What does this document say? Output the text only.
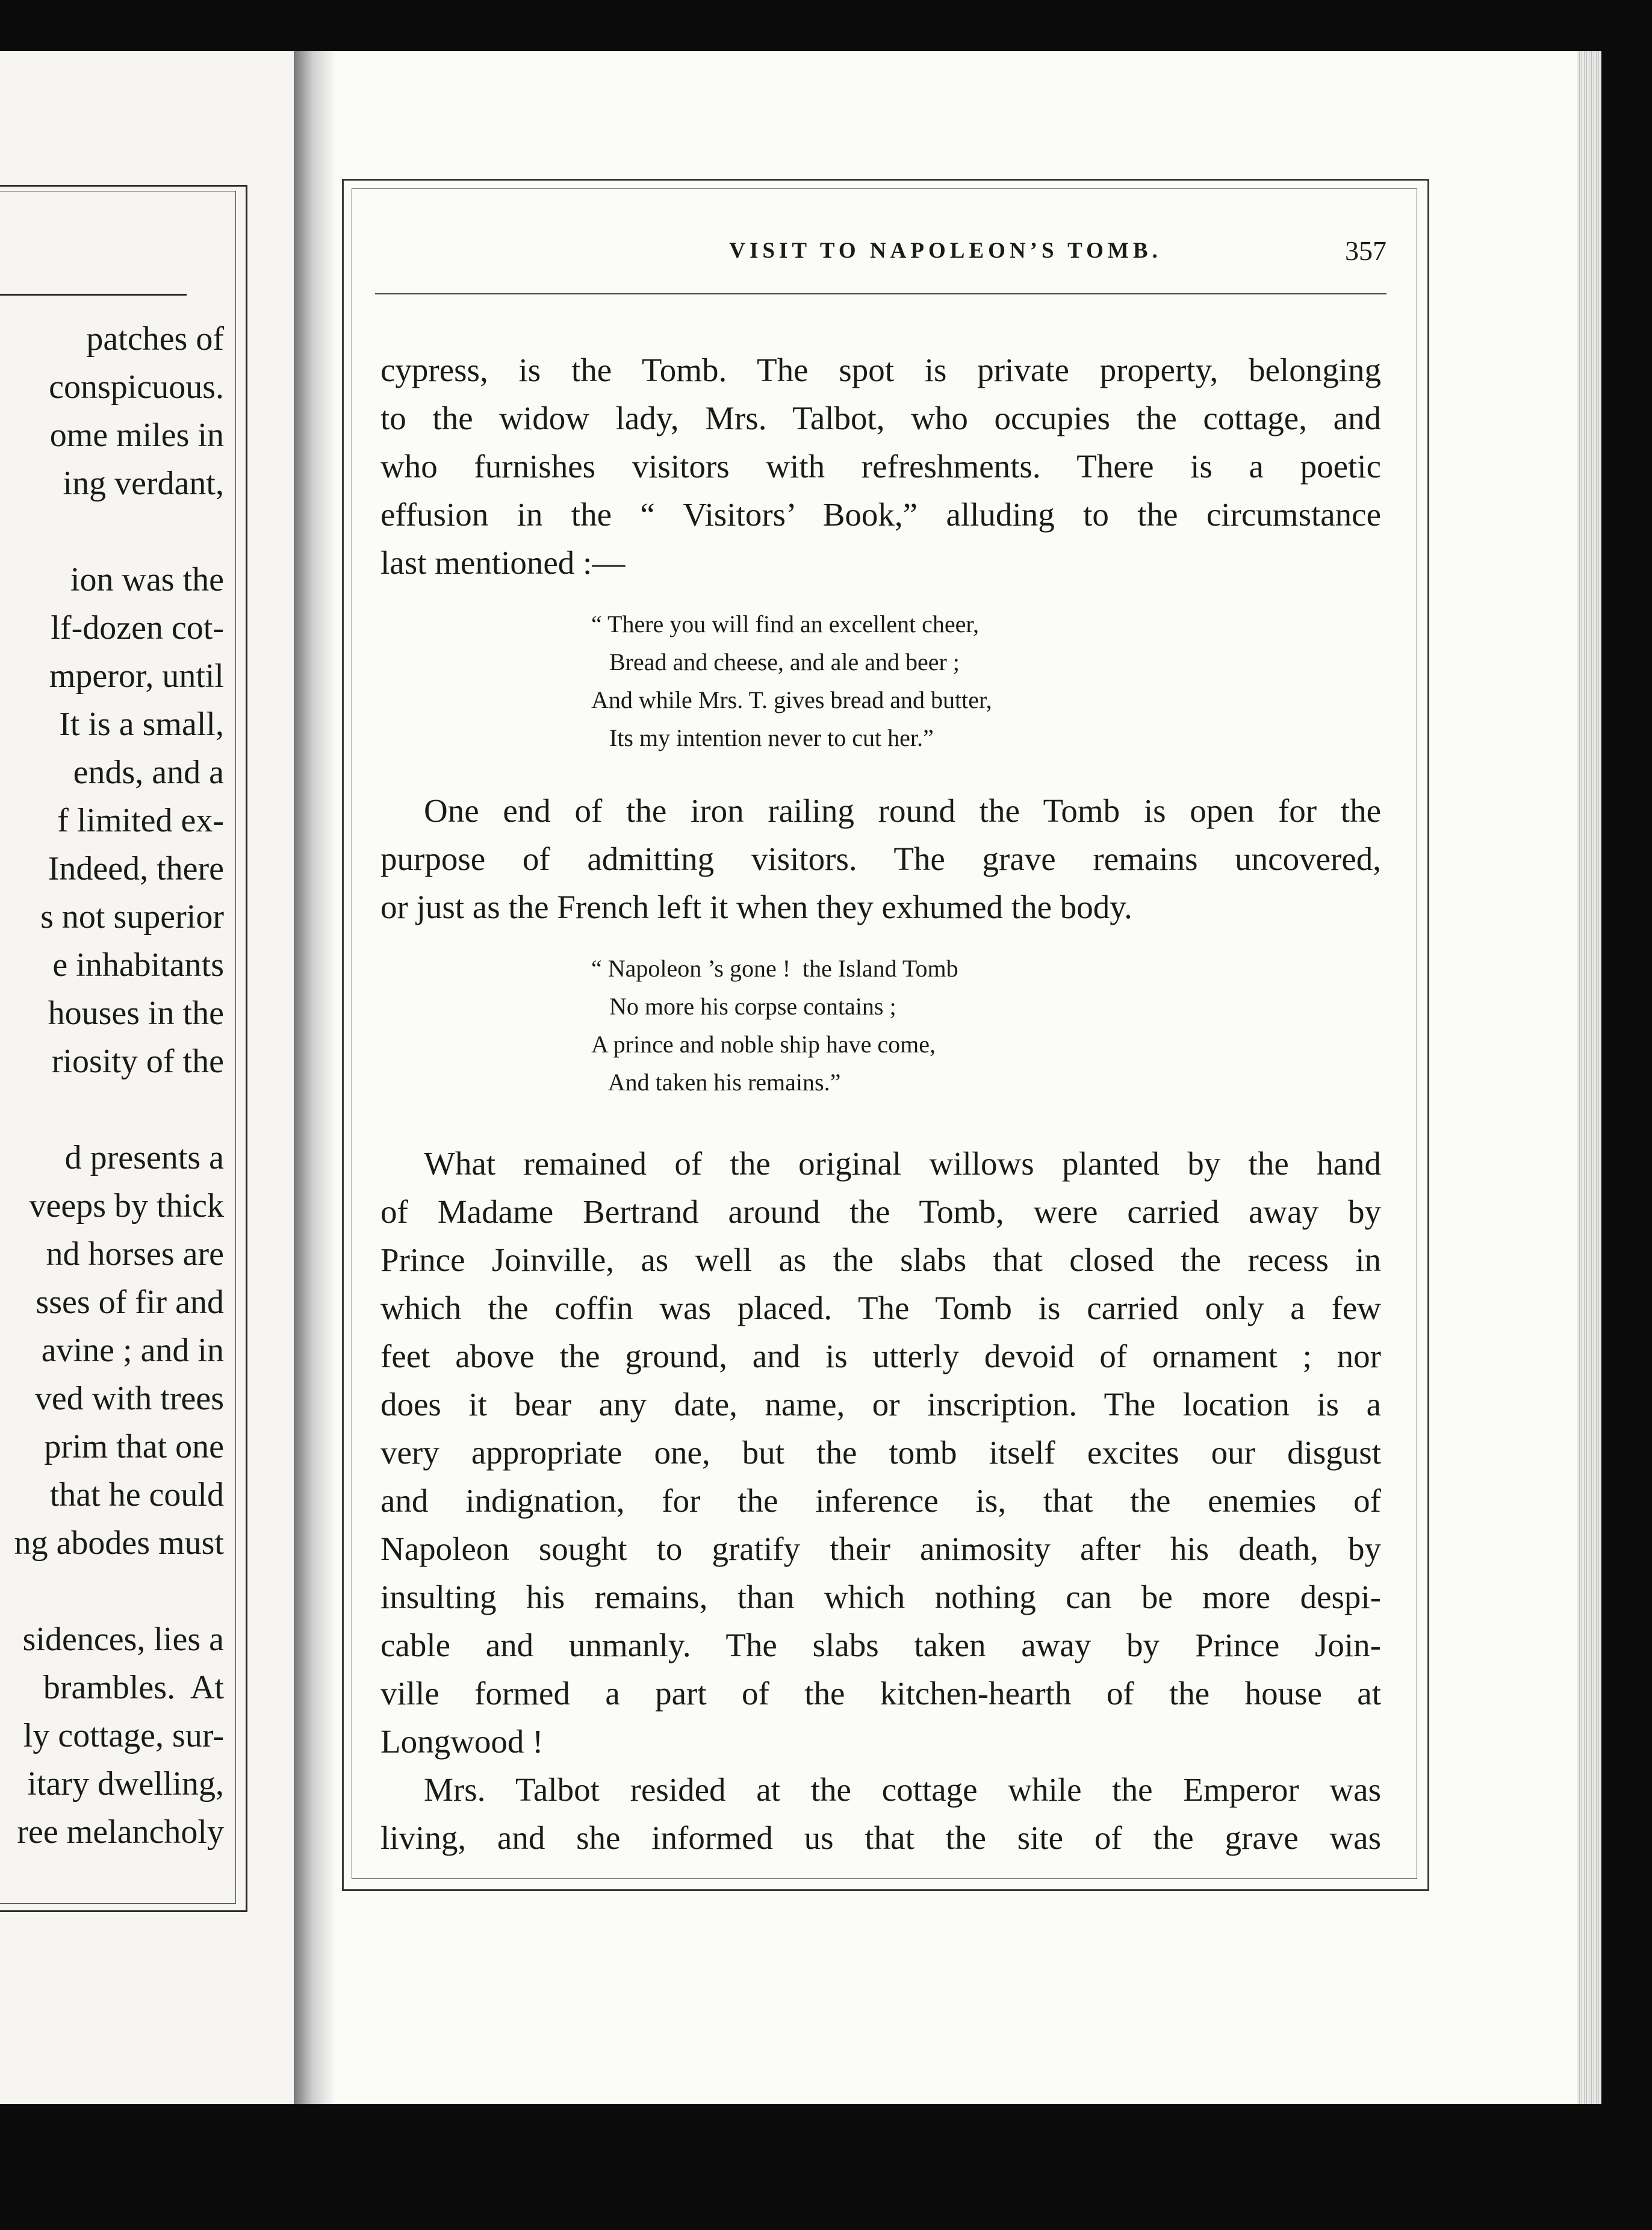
patches of
conspicuous.
ome miles in
ing verdant,
ion was the
lf-dozen cot-
mperor, until
It is a small,
ends, and a
f limited ex-
Indeed, there
s not superior
e inhabitants
houses in the
riosity of the
d presents a
veeps by thick
nd horses are
sses of fir and
avine ; and in
ved with trees
prim that one
that he could
ng abodes must
sidences, lies a
brambles.  At
ly cottage, sur-
itary dwelling,
ree melancholy
VISIT TO NAPOLEON’S TOMB.	357
cypress, is the Tomb. The spot is private property, belonging
to the widow lady, Mrs. Talbot, who occupies the cottage, and
who furnishes visitors with refreshments. There is a poetic
effusion in the “ Visitors’ Book,” alluding to the circumstance
last mentioned :—
“ There you will find an excellent cheer,
Bread and cheese, and ale and beer ;
And while Mrs. T. gives bread and butter,
Its my intention never to cut her.”
One end of the iron railing round the Tomb is open for the
purpose of admitting visitors. The grave remains uncovered,
or just as the French left it when they exhumed the body.
“ Napoleon ’s gone !  the Island Tomb
No more his corpse contains ;
A prince and noble ship have come,
And taken his remains.”
What remained of the original willows planted by the hand
of Madame Bertrand around the Tomb, were carried away by
Prince Joinville, as well as the slabs that closed the recess in
which the coffin was placed. The Tomb is carried only a few
feet above the ground, and is utterly devoid of ornament ; nor
does it bear any date, name, or inscription. The location is a
very appropriate one, but the tomb itself excites our disgust
and indignation, for the inference is, that the enemies of
Napoleon sought to gratify their animosity after his death, by
insulting his remains, than which nothing can be more despi-
cable and unmanly. The slabs taken away by Prince Join-
ville formed a part of the kitchen-hearth of the house at
Longwood !
Mrs. Talbot resided at the cottage while the Emperor was
living, and she informed us that the site of the grave was
